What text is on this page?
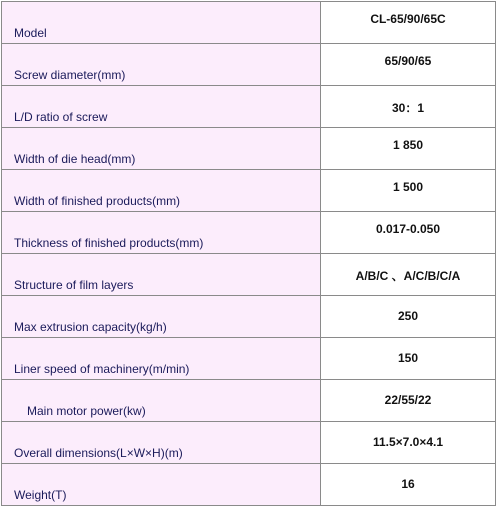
Model	CL-65/90/65C
Screw diameter(mm)	65/90/65
L/D ratio of screw	30：1
Width of die head(mm)	1 850
Width of finished products(mm)	1 500
Thickness of finished products(mm)	0.017-0.050
Structure of film layers	A/B/C 、A/C/B/C/A
Max extrusion capacity(kg/h)	250
Liner speed of machinery(m/min)	150
Main motor power(kw)	22/55/22
Overall dimensions(L×W×H)(m)	11.5×7.0×4.1
Weight(T)	16
